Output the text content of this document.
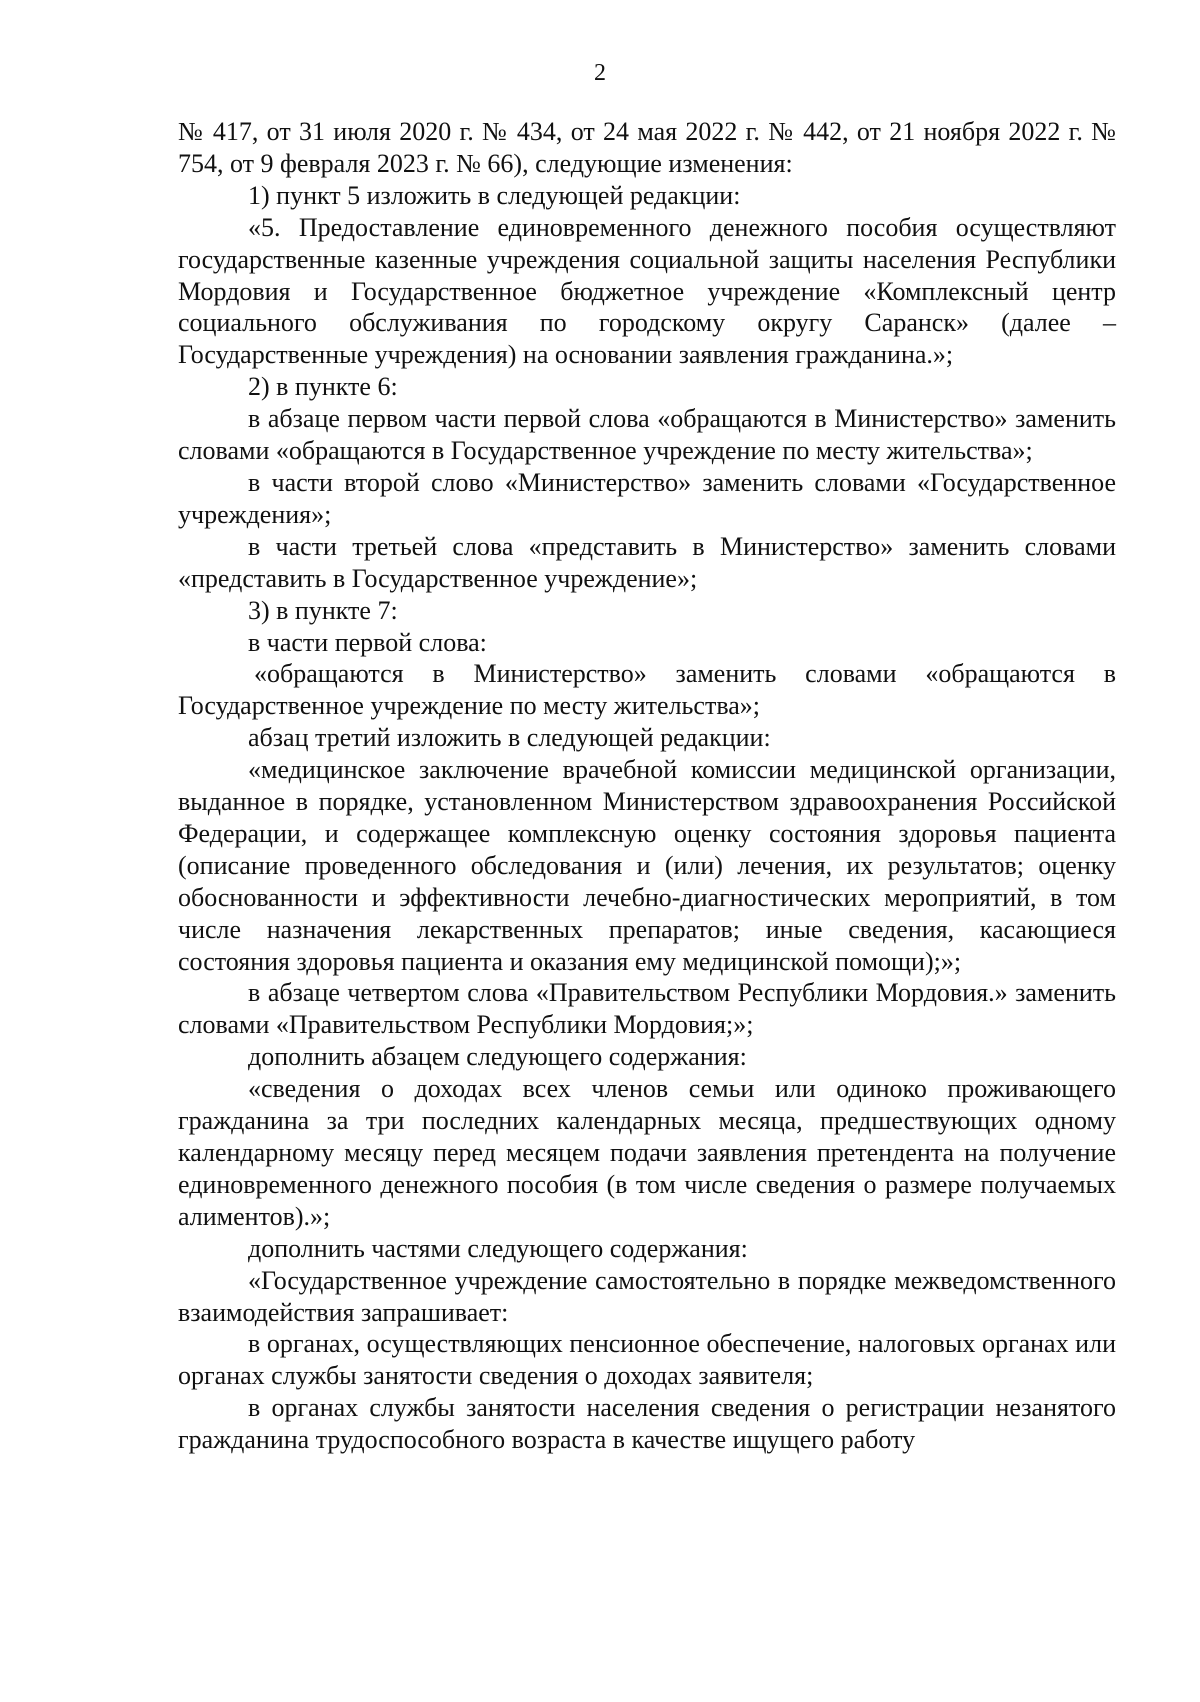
2

№ 417, от 31 июля 2020 г. № 434, от 24 мая 2022 г. № 442, от 21 ноября 2022 г. № 754, от 9 февраля 2023 г. № 66), следующие изменения:

1) пункт 5 изложить в следующей редакции:

«5. Предоставление единовременного денежного пособия осуществляют государственные казенные учреждения социальной защиты населения Республики Мордовия и Государственное бюджетное учреждение «Комплексный центр социального обслуживания по городскому округу Саранск» (далее – Государственные учреждения) на основании заявления гражданина.»;

2) в пункте 6:

в абзаце первом части первой слова «обращаются в Министерство» заменить словами «обращаются в Государственное учреждение по месту жительства»;

в части второй слово «Министерство» заменить словами «Государственное учреждения»;

в части третьей слова «представить в Министерство» заменить словами «представить в Государственное учреждение»;

3) в пункте 7:

в части первой слова:

«обращаются в Министерство» заменить словами «обращаются в Государственное учреждение по месту жительства»;

абзац третий изложить в следующей редакции:

«медицинское заключение врачебной комиссии медицинской организации, выданное в порядке, установленном Министерством здравоохранения Российской Федерации, и содержащее комплексную оценку состояния здоровья пациента (описание проведенного обследования и (или) лечения, их результатов; оценку обоснованности и эффективности лечебно-диагностических мероприятий, в том числе назначения лекарственных препаратов; иные сведения, касающиеся состояния здоровья пациента и оказания ему медицинской помощи);»;

в абзаце четвертом слова «Правительством Республики Мордовия.» заменить словами «Правительством Республики Мордовия;»;

дополнить абзацем следующего содержания:

«сведения о доходах всех членов семьи или одиноко проживающего гражданина за три последних календарных месяца, предшествующих одному календарному месяцу перед месяцем подачи заявления претендента на получение единовременного денежного пособия (в том числе сведения о размере получаемых алиментов).»;

дополнить частями следующего содержания:

«Государственное учреждение самостоятельно в порядке межведомственного взаимодействия запрашивает:

в органах, осуществляющих пенсионное обеспечение, налоговых органах или органах службы занятости сведения о доходах заявителя;

в органах службы занятости населения сведения о регистрации незанятого гражданина трудоспособного возраста в качестве ищущего работу
